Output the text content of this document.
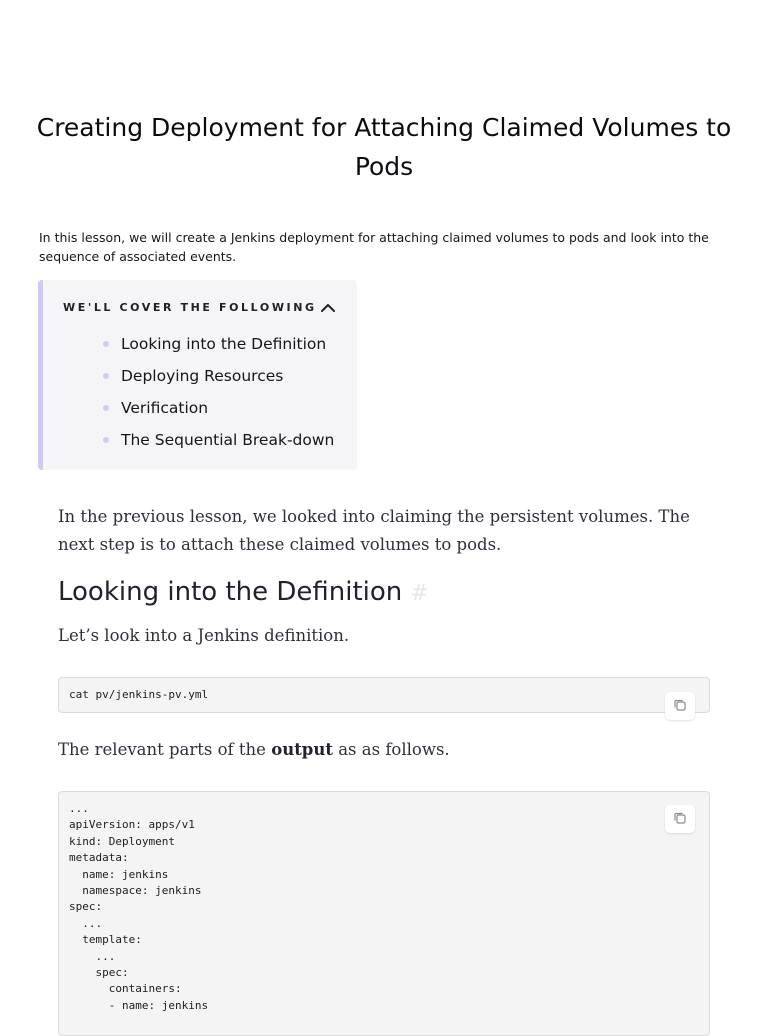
Creating Deployment for Attaching Claimed Volumes to Pods

In this lesson, we will create a Jenkins deployment for attaching claimed volumes to pods and look into the sequence of associated events.

WE'LL COVER THE FOLLOWING
Looking into the Definition
Deploying Resources
Verification
The Sequential Break-down

In the previous lesson, we looked into claiming the persistent volumes. The next step is to attach these claimed volumes to pods.

Looking into the Definition #

Let’s look into a Jenkins definition.

cat pv/jenkins-pv.yml

The relevant parts of the output as as follows.

...
apiVersion: apps/v1
kind: Deployment
metadata:
name: jenkins
namespace: jenkins
spec:
...
template:
...
spec:
containers:
- name: jenkins
